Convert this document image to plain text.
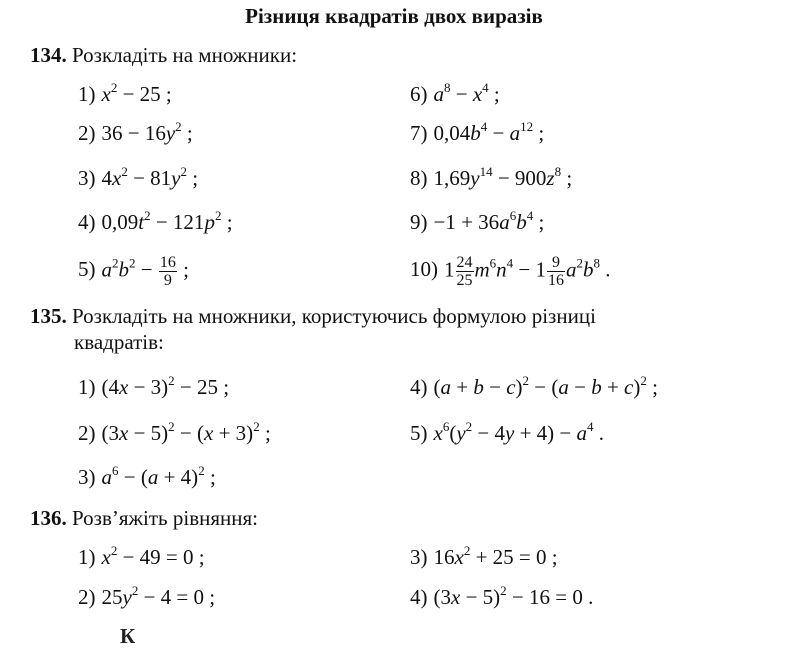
Різниця квадратів двох виразів
134. Розкладіть на множники:
1) $x^2 - 25$ ;
2) $36 - 16y^2$ ;
3) $4x^2 - 81y^2$ ;
4) $0,09t^2 - 121p^2$ ;
5) $a^2b^2 - \frac{16}{9}$ ;
6) $a^8 - x^4$ ;
7) $0,04b^4 - a^{12}$ ;
8) $1,69y^{14} - 900z^8$ ;
$9) -1 + 36a^6b^4$ ;
10) $1 \frac{24}{25} m^6n^4 - 1 \frac{9}{16} a^2b^8$ .
135. Розкладіть на множники, користуючись формулою різниці
квадратів:
1) $(4x - 3)^2 - 25$ ;
2) $(3x - 5)^2 - (x + 3)^2$ ;
3) $a^6 - (a + 4)^2$ ;
4) $(a + b - c)^2 - (a - b + c)^2$ ;
5) $x^6(y^2 - 4y + 4) - a^4$ .
136. Розв’яжіть рівняння:
1) $x^2 - 49 = 0$ ;
2) $25y^2 - 4 = 0$ ;
3) $16x^2 + 25 = 0$ ;
4) $(3x - 5)^2 - 16 = 0$ .
К
